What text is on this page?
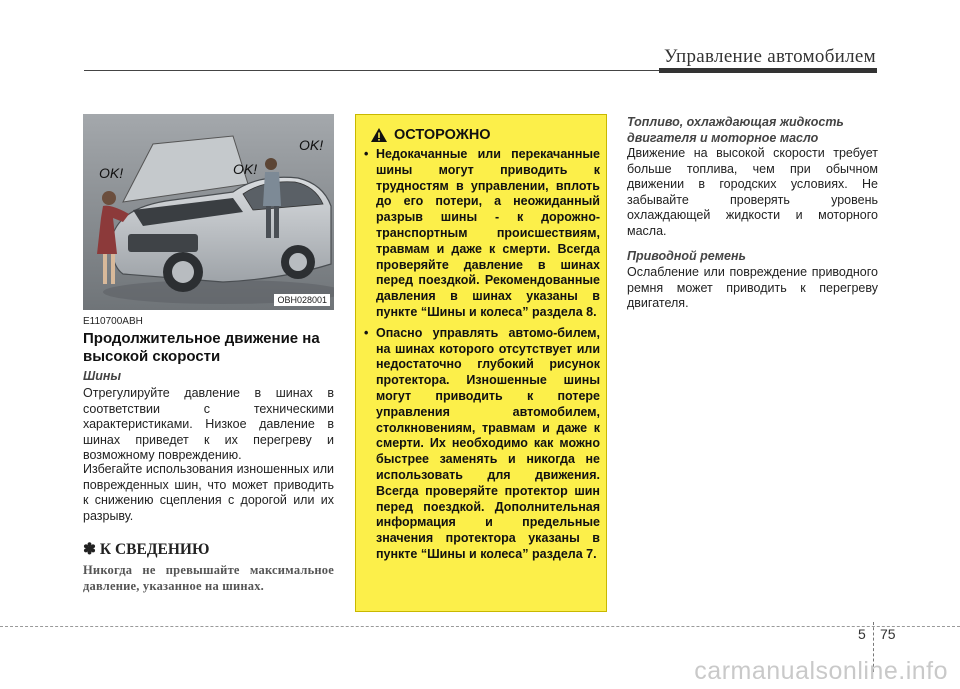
Управление автомобилем
OK!	OK!
OK!
OBH028001
E110700ABH
Продолжительное движение на высокой скорости
Шины
Отрегулируйте давление в шинах в соответствии с техническими характеристиками. Низкое давление в шинах приведет к их перегреву и возможному повреждению.
Избегайте использования изношенных или поврежденных шин, что может приводить к снижению сцепления с дорогой или их разрыву.
✽ К СВЕДЕНИЮ
Никогда не превышайте максимальное давление, указанное на шинах.
ОСТОРОЖНО
• Недокачанные или перекачанные шины могут приводить к трудностям в управлении, вплоть до его потери, а неожиданный разрыв шины - к дорожно-транспортным происшествиям, травмам и даже к смерти. Всегда проверяйте давление в шинах перед поездкой. Рекомендованные давления в шинах указаны в пункте “Шины и колеса” раздела 8.
• Опасно управлять автомо-билем, на шинах которого отсутствует или недостаточно глубокий рисунок протектора. Изношенные шины могут приводить к потере управления автомобилем, столкновениям, травмам и даже к смерти. Их необходимо как можно быстрее заменять и никогда не использовать для движения. Всегда проверяйте протектор шин перед поездкой. Дополнительная информация и предельные значения протектора указаны в пункте “Шины и колеса” раздела 7.
Топливо, охлаждающая жидкость двигателя и моторное масло
Движение на высокой скорости требует больше топлива, чем при обычном движении в городских условиях. Не забывайте проверять уровень охлаждающей жидкости и моторного масла.
Приводной ремень
Ослабление или повреждение приводного ремня может приводить к перегреву двигателя.
5 75
carmanualsonline.info
